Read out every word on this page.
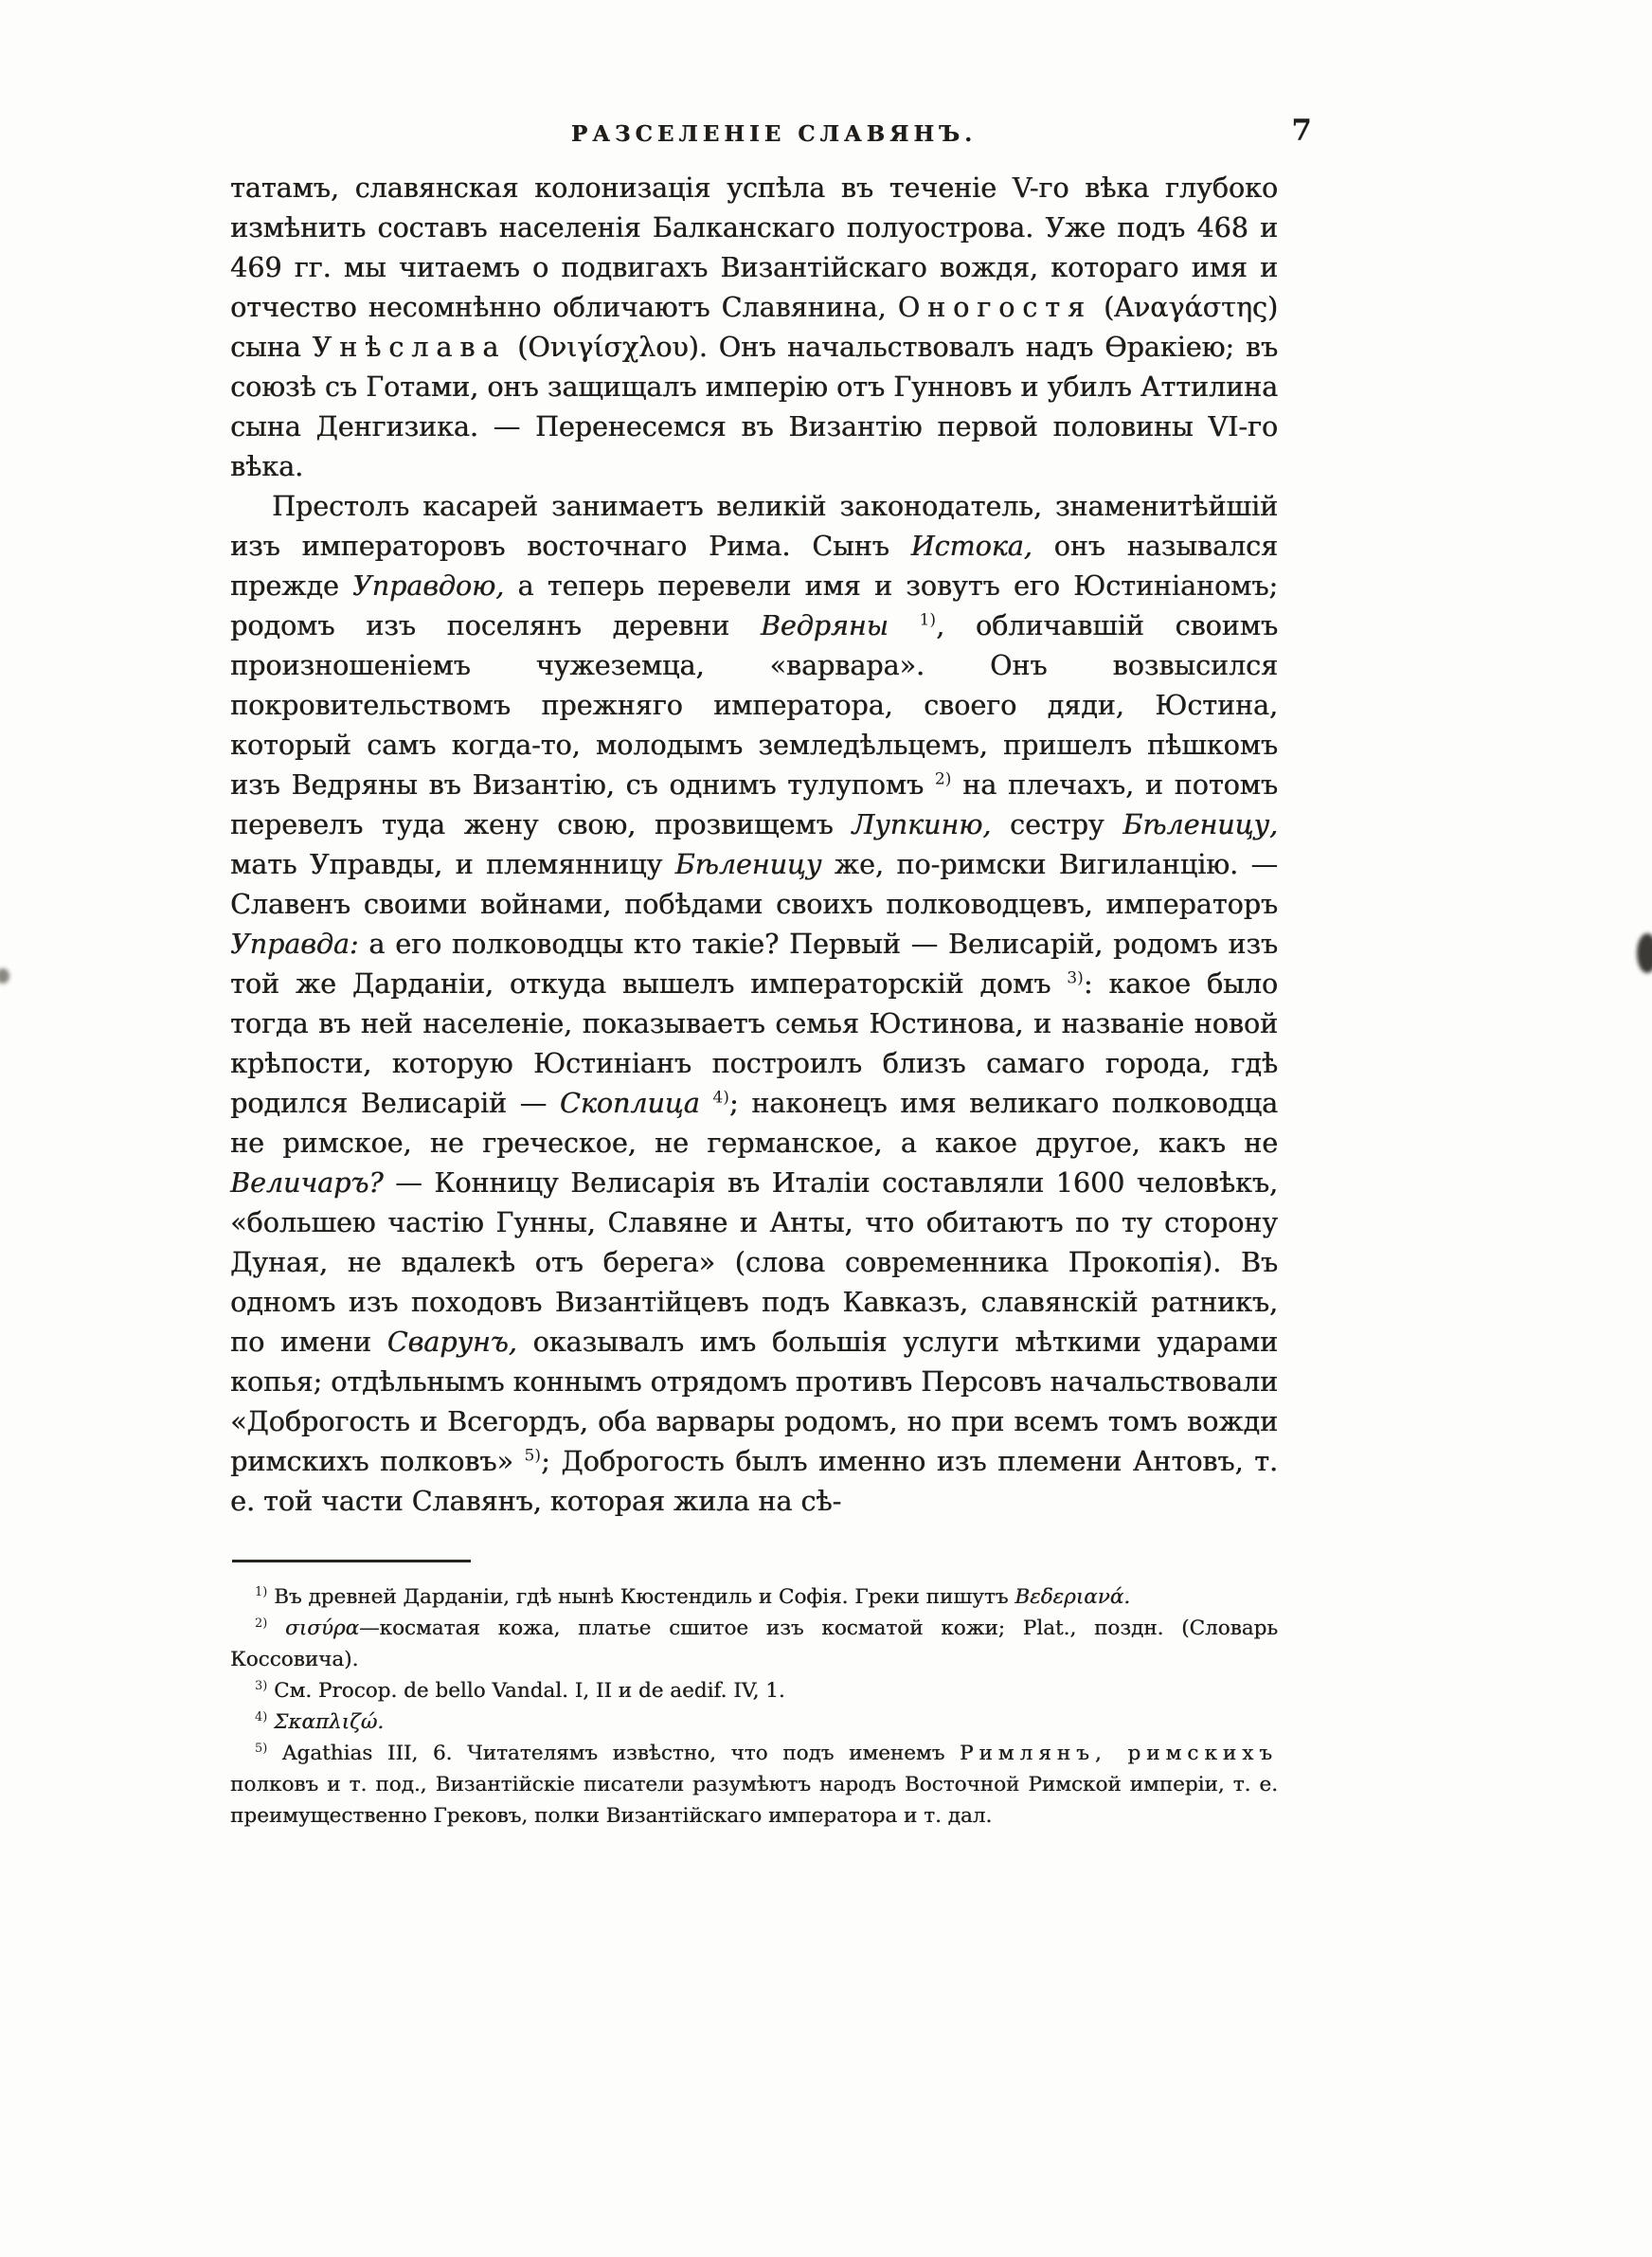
РАЗСЕЛЕНІЕ СЛАВЯНЪ.	7

татамъ, славянская колонизація успѣла въ теченіе V-го вѣка глубоко измѣнить составъ населенія Балканскаго полуострова. Уже подъ 468 и 469 гг. мы читаемъ о подвигахъ Византійскаго вождя, котораго имя и отчество несомнѣнно обличаютъ Славянина, Оногостя (Αναγάστης) сына Унѣслава (Ονιγίσχλου). Онъ начальствовалъ надъ Ѳракіею; въ союзѣ съ Готами, онъ защищалъ имперію отъ Гунновъ и убилъ Аттилина сына Денгизика. — Перенесемся въ Византію первой половины VI-го вѣка.

Престолъ касарей занимаетъ великій законодатель, знаменитѣйшій изъ императоровъ восточнаго Рима. Сынъ Истока, онъ назывался прежде Управдою, а теперь перевели имя и зовутъ его Юстиніаномъ; родомъ изъ поселянъ деревни Ведряны $^{1)}$, обличавшій своимъ произношеніемъ чужеземца, «варвара». Онъ возвысился покровительствомъ прежняго императора, своего дяди, Юстина, который самъ когда-то, молодымъ земледѣльцемъ, пришелъ пѣшкомъ изъ Ведряны въ Византію, съ однимъ тулупомъ $^{2)}$ на плечахъ, и потомъ перевелъ туда жену свою, прозвищемъ Лупкиню, сестру Бѣленицу, мать Управды, и племянницу Бѣленицу же, по-римски Вигиланцію. — Славенъ своими войнами, побѣдами своихъ полководцевъ, императоръ Управда: а его полководцы кто такіе? Первый — Велисарій, родомъ изъ той же Дарданіи, откуда вышелъ императорскій домъ $^{3)}$: какое было тогда въ ней населеніе, показываетъ семья Юстинова, и названіе новой крѣпости, которую Юстиніанъ построилъ близъ самаго города, гдѣ родился Велисарій — Скоплица $^{4)}$; наконецъ имя великаго полководца не римское, не греческое, не германское, а какое другое, какъ не Величаръ? — Конницу Велисарія въ Италіи составляли 1600 человѣкъ, «большею частію Гунны, Славяне и Анты, что обитаютъ по ту сторону Дуная, не вдалекѣ отъ берега» (слова современника Прокопія). Въ одномъ изъ походовъ Византійцевъ подъ Кавказъ, славянскій ратникъ, по имени Сварунъ, оказывалъ имъ большія услуги мѣткими ударами копья; отдѣльнымъ коннымъ отрядомъ противъ Персовъ начальствовали «Доброгость и Всегордъ, оба варвары родомъ, но при всемъ томъ вожди римскихъ полковъ» $^{5)}$; Доброгость былъ именно изъ племени Антовъ, т. е. той части Славянъ, которая жила на сѣ-

$^{1)}$ Въ древней Дарданіи, гдѣ нынѣ Кюстендиль и Софія. Греки пишутъ Βεδεριανά.

$^{2)}$ σισύρα—косматая кожа, платье сшитое изъ косматой кожи; Plat., поздн. (Словарь Коссовича).

$^{3)}$ См. Procop. de bello Vandal. I, II и de aedif. IV, 1.

$^{4)}$ Σκαπλιζώ.

$^{5)}$ Agathias III, 6. Читателямъ извѣстно, что подъ именемъ Римлянъ, римскихъ полковъ и т. под., Византійскіе писатели разумѣютъ народъ Восточной Римской имперіи, т. е. преимущественно Грековъ, полки Византійскаго императора и т. дал.
